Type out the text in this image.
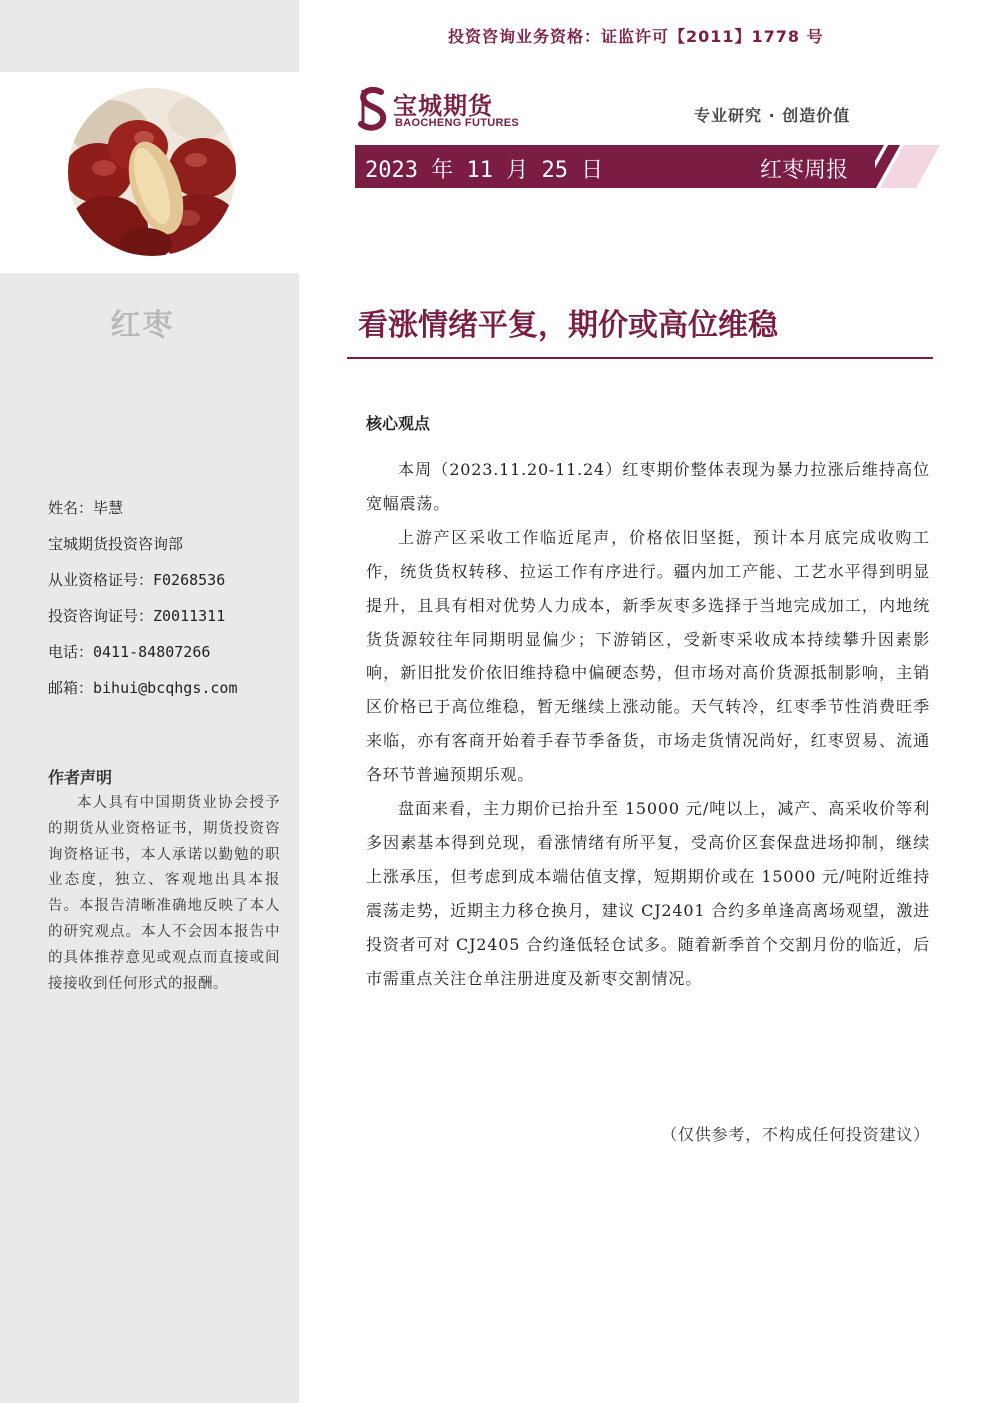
红枣
姓名：毕慧
宝城期货投资咨询部
从业资格证号：F0268536
投资咨询证号：Z0011311
电话：0411-84807266
邮箱：bihui@bcqhgs.com
作者声明
本人具有中国期货业协会授予的期货从业资格证书，期货投资咨询资格证书，本人承诺以勤勉的职业态度，独立、客观地出具本报告。本报告清晰准确地反映了本人的研究观点。本人不会因本报告中的具体推荐意见或观点而直接或间接接收到任何形式的报酬。
投资咨询业务资格：证监许可【2011】1778 号
宝城期货
BAOCHENG FUTURES	专业研究 · 创造价值
2023 年 11 月 25 日	红枣周报
看涨情绪平复，期价或高位维稳
核心观点

本周（2023.11.20-11.24）红枣期价整体表现为暴力拉涨后维持高位宽幅震荡。

上游产区采收工作临近尾声，价格依旧坚挺，预计本月底完成收购工作，统货货权转移、拉运工作有序进行。疆内加工产能、工艺水平得到明显提升，且具有相对优势人力成本，新季灰枣多选择于当地完成加工，内地统货货源较往年同期明显偏少；下游销区，受新枣采收成本持续攀升因素影响，新旧批发价依旧维持稳中偏硬态势，但市场对高价货源抵制影响，主销区价格已于高位维稳，暂无继续上涨动能。天气转冷，红枣季节性消费旺季来临，亦有客商开始着手春节季备货，市场走货情况尚好，红枣贸易、流通各环节普遍预期乐观。

盘面来看，主力期价已抬升至 15000 元/吨以上，减产、高采收价等利多因素基本得到兑现，看涨情绪有所平复，受高价区套保盘进场抑制，继续上涨承压，但考虑到成本端估值支撑，短期期价或在 15000 元/吨附近维持震荡走势，近期主力移仓换月，建议 CJ2401 合约多单逢高离场观望，激进投资者可对 CJ2405 合约逢低轻仓试多。随着新季首个交割月份的临近，后市需重点关注仓单注册进度及新枣交割情况。

（仅供参考，不构成任何投资建议）
